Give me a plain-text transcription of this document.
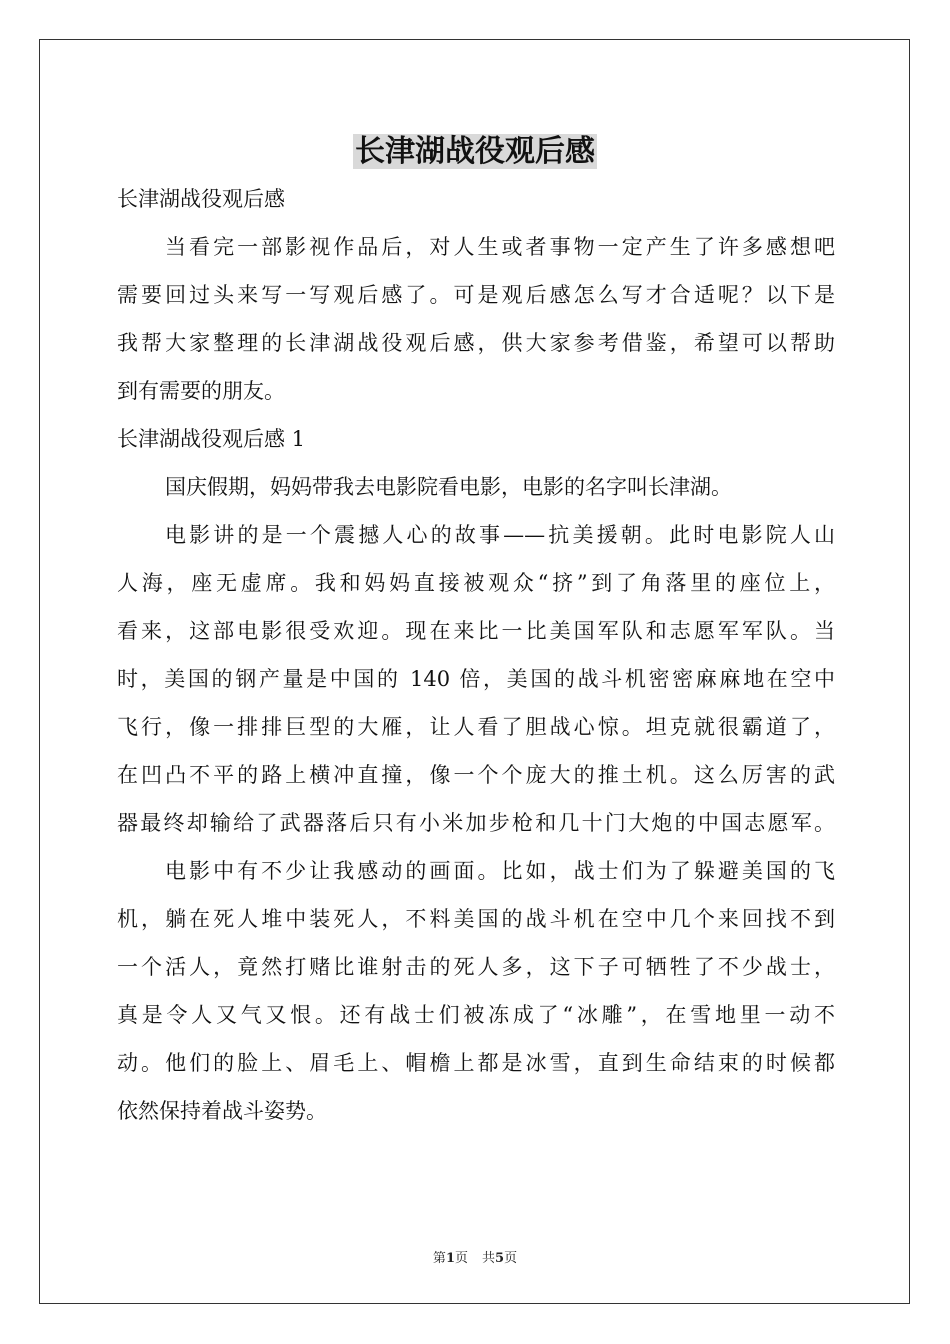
长津湖战役观后感

长津湖战役观后感

当看完一部影视作品后，对人生或者事物一定产生了许多感想吧

需要回过头来写一写观后感了。可是观后感怎么写才合适呢？以下是

我帮大家整理的长津湖战役观后感，供大家参考借鉴，希望可以帮助

到有需要的朋友。

长津湖战役观后感 1

国庆假期，妈妈带我去电影院看电影，电影的名字叫长津湖。

电影讲的是一个震撼人心的故事——抗美援朝。此时电影院人山

人海，座无虚席。我和妈妈直接被观众“挤”到了角落里的座位上，

看来，这部电影很受欢迎。现在来比一比美国军队和志愿军军队。当

时，美国的钢产量是中国的 140 倍，美国的战斗机密密麻麻地在空中

飞行，像一排排巨型的大雁，让人看了胆战心惊。坦克就很霸道了，

在凹凸不平的路上横冲直撞，像一个个庞大的推土机。这么厉害的武

器最终却输给了武器落后只有小米加步枪和几十门大炮的中国志愿军。

电影中有不少让我感动的画面。比如，战士们为了躲避美国的飞

机，躺在死人堆中装死人，不料美国的战斗机在空中几个来回找不到

一个活人，竟然打赌比谁射击的死人多，这下子可牺牲了不少战士，

真是令人又气又恨。还有战士们被冻成了“冰雕”，在雪地里一动不

动。他们的脸上、眉毛上、帽檐上都是冰雪，直到生命结束的时候都

依然保持着战斗姿势。

第1页 共5页
